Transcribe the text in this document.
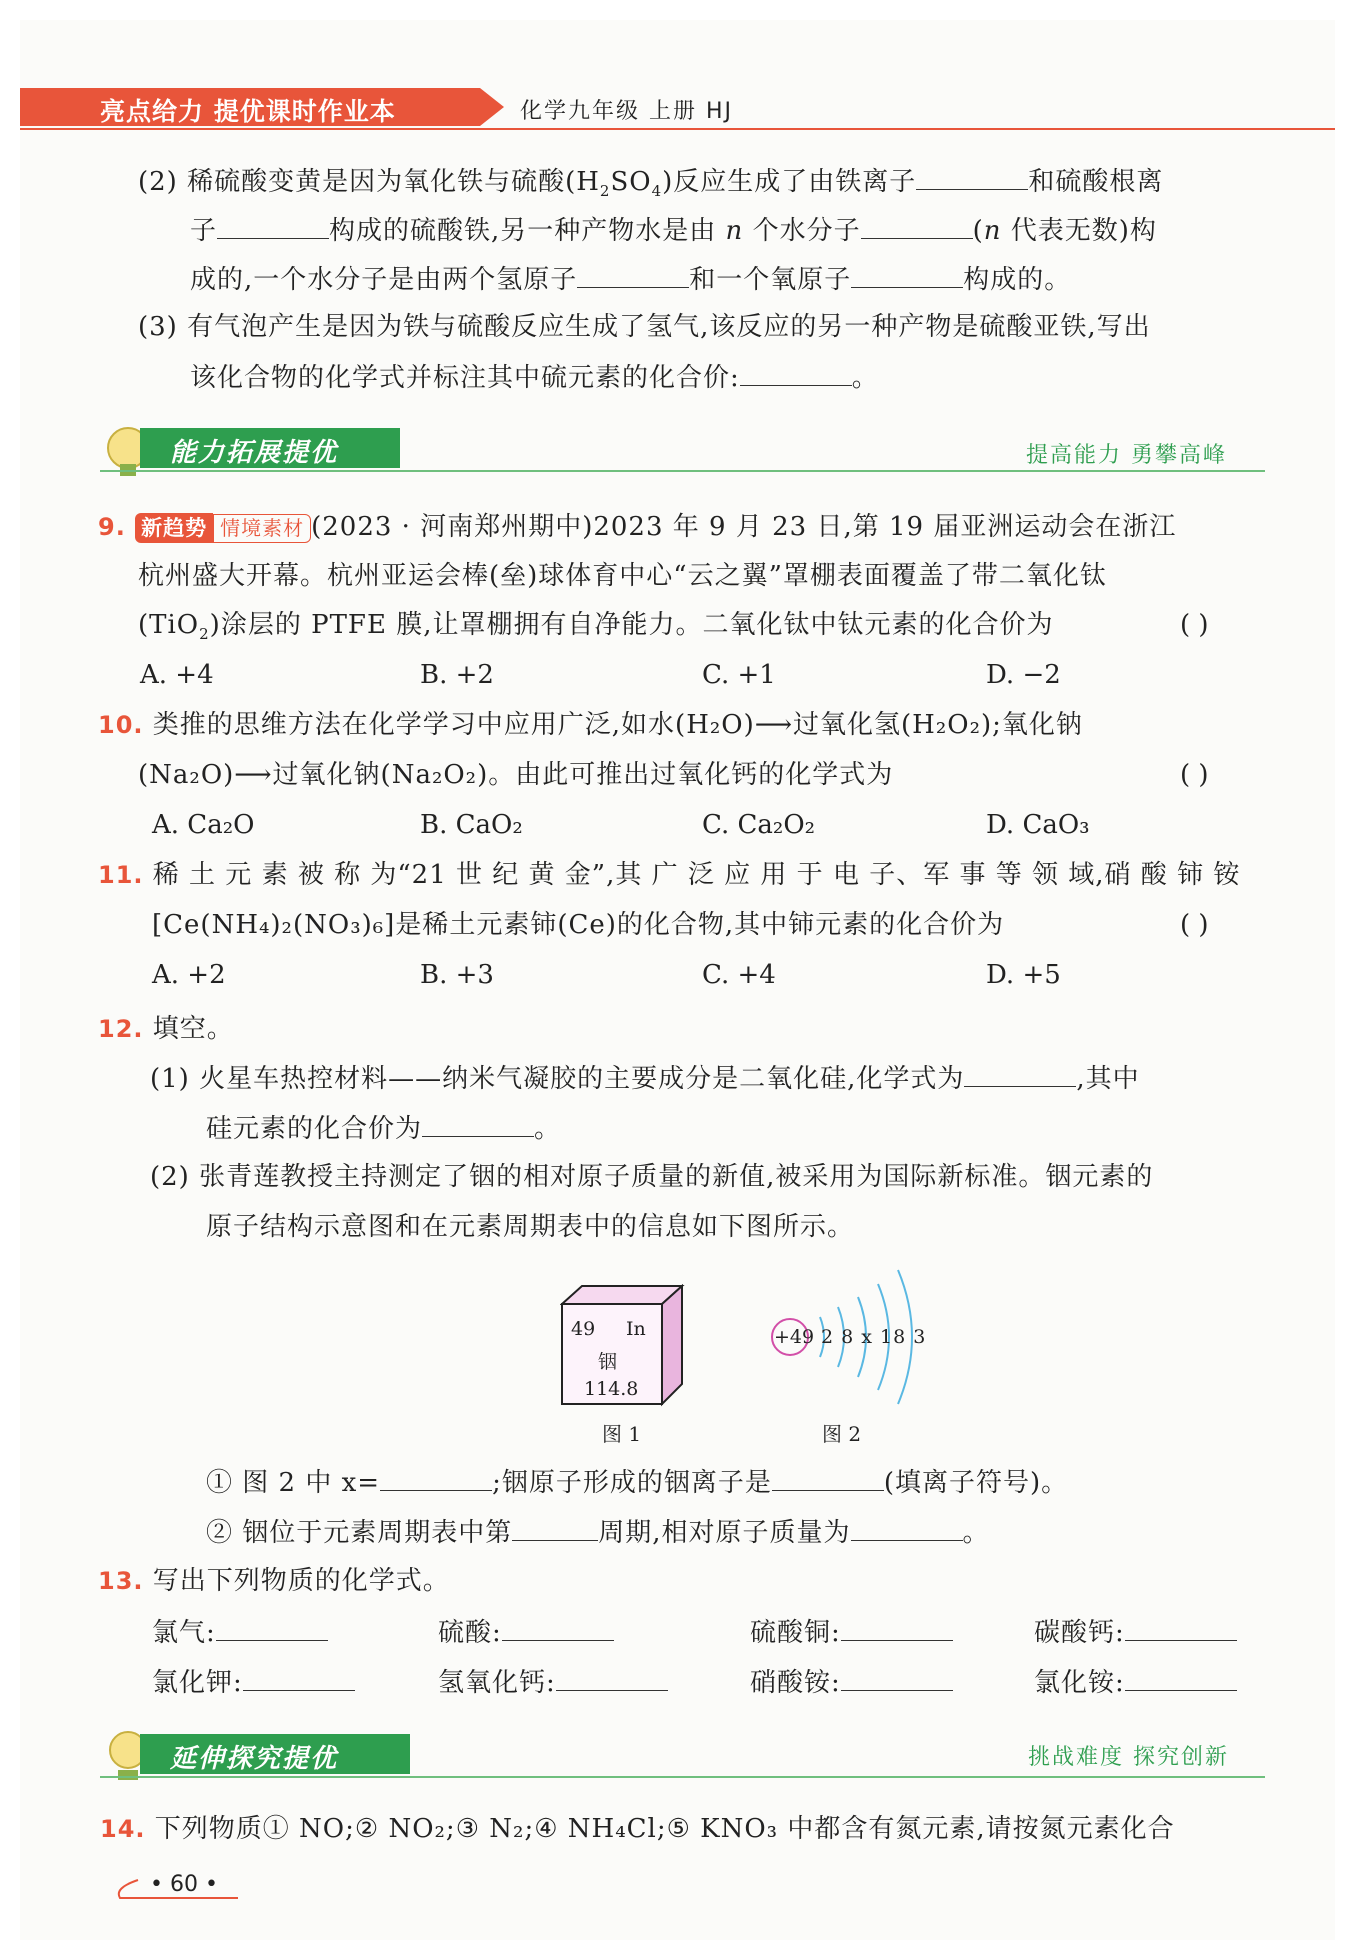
亮点给力 提优课时作业本	化学九年级 上册 HJ
(2) 稀硫酸变黄是因为氧化铁与硫酸$(H_2SO_4)$反应生成了由铁离子	和硫酸根离
子	构成的硫酸铁,另一种产物水是由 n 个水分子	(n 代表无数)构
成的,一个水分子是由两个氢原子	和一个氧原子	构成的。
(3) 有气泡产生是因为铁与硫酸反应生成了氢气,该反应的另一种产物是硫酸亚铁,写出
该化合物的化学式并标注其中硫元素的化合价:	。
能力拓展提优	提高能力 勇攀高峰
9. 新趋势 情境素材 (2023 · 河南郑州期中)2023 年 9 月 23 日,第 19 届亚洲运动会在浙江
杭州盛大开幕。杭州亚运会棒(垒)球体育中心“云之翼”罩棚表面覆盖了带二氧化钛
(TiO$_2$)涂层的 PTFE 膜,让罩棚拥有自净能力。二氧化钛中钛元素的化合价为	( )
A. +4	B. +2	C. +1	D. −2
10. 类推的思维方法在化学学习中应用广泛,如水(H₂O)⟶过氧化氢(H₂O₂);氧化钠
(Na₂O)⟶过氧化钠(Na₂O₂)。由此可推出过氧化钙的化学式为	( )
A. Ca₂O	B. CaO₂	C. Ca₂O₂	D. CaO₃
11. 稀 土 元 素 被 称 为“21 世 纪 黄 金”,其 广 泛 应 用 于 电 子、军 事 等 领 域,硝 酸 铈 铵
[Ce(NH₄)₂(NO₃)₆]是稀土元素铈(Ce)的化合物,其中铈元素的化合价为	( )
A. +2	B. +3	C. +4	D. +5
12. 填空。
(1) 火星车热控材料——纳米气凝胶的主要成分是二氧化硅,化学式为	,其中
硅元素的化合价为	。
(2) 张青莲教授主持测定了铟的相对原子质量的新值,被采用为国际新标准。铟元素的
原子结构示意图和在元素周期表中的信息如下图所示。
49 In
铟
114.8
图 1
+49 2 8 x 18 3
图 2
① 图 2 中 x=	;铟原子形成的铟离子是	(填离子符号)。
② 铟位于元素周期表中第	周期,相对原子质量为	。
13. 写出下列物质的化学式。
氯气:	硫酸:	硫酸铜:	碳酸钙:
氯化钾:	氢氧化钙:	硝酸铵:	氯化铵:
延伸探究提优	挑战难度 探究创新
14. 下列物质① NO;② NO₂;③ N₂;④ NH₄Cl;⑤ KNO₃ 中都含有氮元素,请按氮元素化合
• 60 •
